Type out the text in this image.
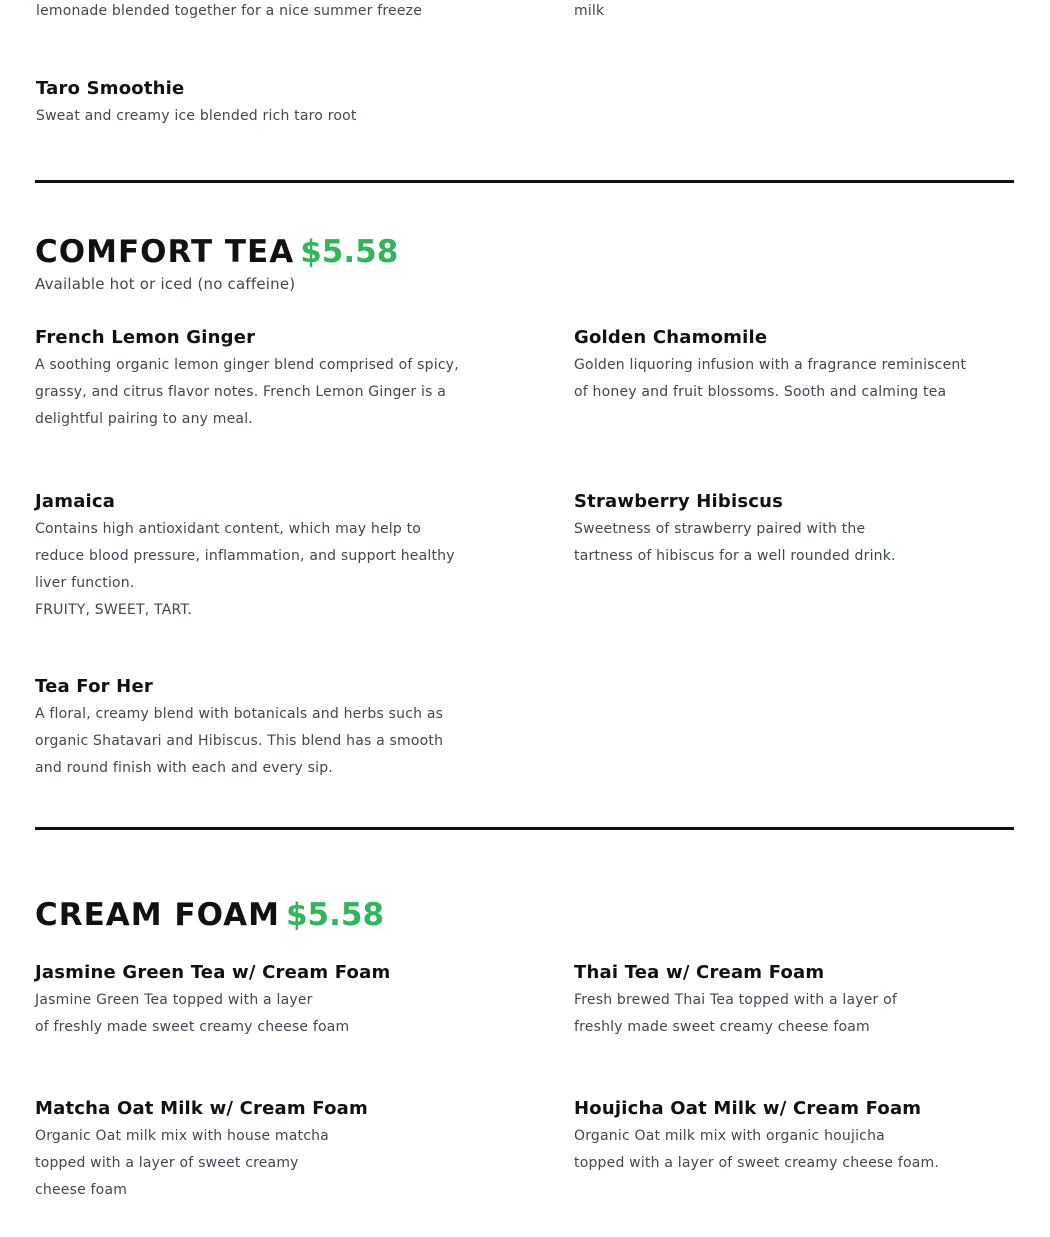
lemonade blended together for a nice summer freeze	milk
Taro Smoothie
Sweat and creamy ice blended rich taro root
COMFORT TEA $5.58
Available hot or iced (no caffeine)
French Lemon Ginger
A soothing organic lemon ginger blend comprised of spicy,
grassy, and citrus flavor notes. French Lemon Ginger is a
delightful pairing to any meal.
Golden Chamomile
Golden liquoring infusion with a fragrance reminiscent
of honey and fruit blossoms. Sooth and calming tea
Jamaica
Contains high antioxidant content, which may help to
reduce blood pressure, inflammation, and support healthy
liver function.
FRUITY, SWEET, TART.
Strawberry Hibiscus
Sweetness of strawberry paired with the
tartness of hibiscus for a well rounded drink.
Tea For Her
A floral, creamy blend with botanicals and herbs such as
organic Shatavari and Hibiscus. This blend has a smooth
and round finish with each and every sip.
CREAM FOAM $5.58
Jasmine Green Tea w/ Cream Foam
Jasmine Green Tea topped with a layer
of freshly made sweet creamy cheese foam
Thai Tea w/ Cream Foam
Fresh brewed Thai Tea topped with a layer of
freshly made sweet creamy cheese foam
Matcha Oat Milk w/ Cream Foam
Organic Oat milk mix with house matcha
topped with a layer of sweet creamy
cheese foam
Houjicha Oat Milk w/ Cream Foam
Organic Oat milk mix with organic houjicha
topped with a layer of sweet creamy cheese foam.
